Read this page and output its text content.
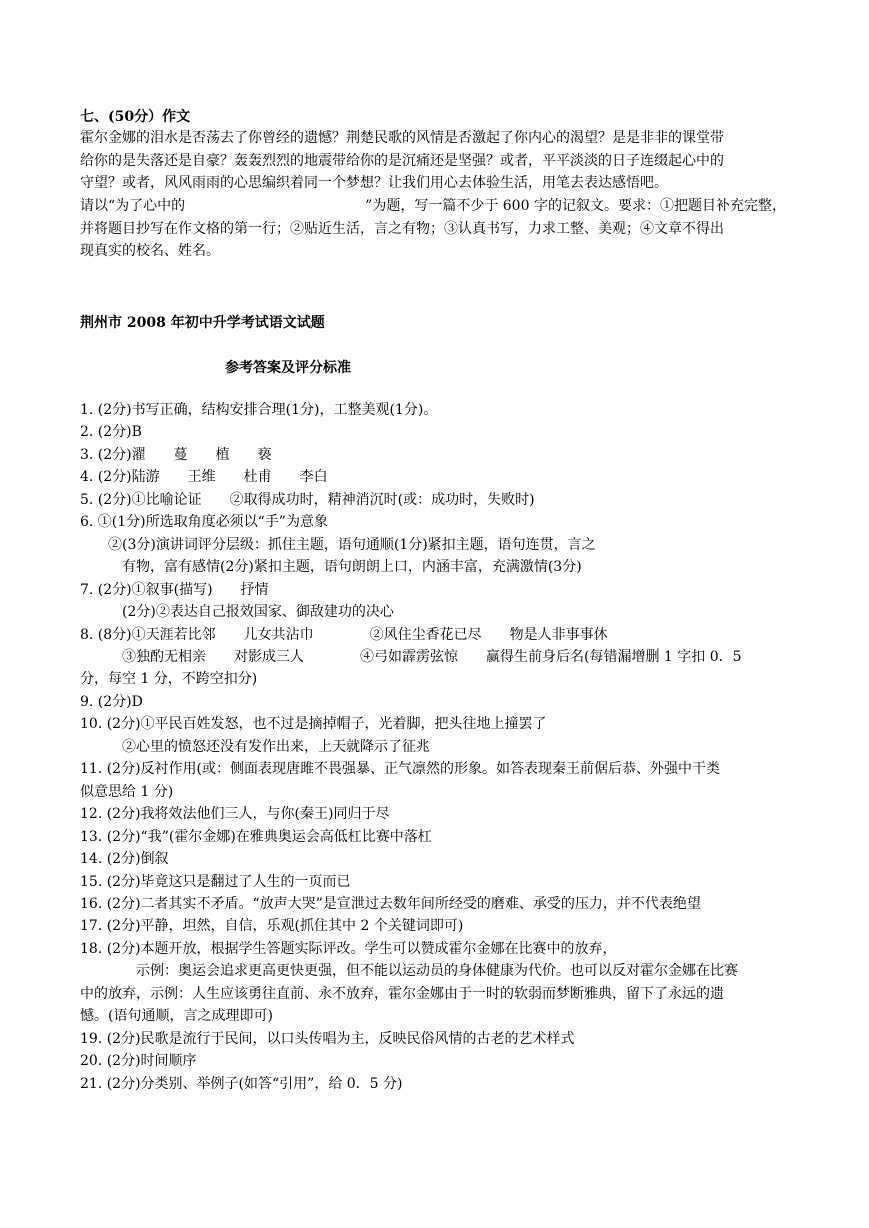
七、(50分）作文
霍尔金娜的泪水是否荡去了你曾经的遗憾？荆楚民歌的风情是否激起了你内心的渴望？是是非非的课堂带
给你的是失落还是自豪？轰轰烈烈的地震带给你的是沉痛还是坚强？或者，平平淡淡的日子连缀起心中的
守望？或者，风风雨雨的心思编织着同一个梦想？让我们用心去体验生活，用笔去表达感悟吧。
请以“为了心中的	”为题，写一篇不少于 600 字的记叙文。要求：①把题目补充完整，
并将题目抄写在作文格的第一行；②贴近生活，言之有物；③认真书写，力求工整、美观；④文章不得出
现真实的校名、姓名。
荆州市 2008 年初中升学考试语文试题
参考答案及评分标准
1. (2分)书写正确，结构安排合理(1分)，工整美观(1分)。
2. (2分)B
3. (2分)濯　　蔓　　植　　亵
4. (2分)陆游　　王维　　杜甫　　李白
5. (2分)①比喻论证　　②取得成功时，精神消沉时(或：成功时，失败时)
6. ①(1分)所选取角度必须以“手”为意象
　　②(3分)演讲词评分层级：抓住主题，语句通顺(1分)紧扣主题，语句连贯，言之
　　　有物，富有感情(2分)紧扣主题，语句朗朗上口，内涵丰富，充满激情(3分)
7. (2分)①叙事(描写)　　抒情
　　　(2分)②表达自己报效国家、御敌建功的决心
8. (8分)①天涯若比邻　　儿女共沾巾　　　　②风住尘香花已尽　　物是人非事事休
　　　③独酌无相亲　　对影成三人　　　　④弓如霹雳弦惊　　赢得生前身后名(每错漏增删 1 字扣 0．5
分，每空 1 分，不跨空扣分)
9. (2分)D
10. (2分)①平民百姓发怒，也不过是摘掉帽子，光着脚，把头往地上撞罢了
　　　②心里的愤怒还没有发作出来，上天就降示了征兆
11. (2分)反衬作用(或：侧面表现唐雎不畏强暴、正气凛然的形象。如答表现秦王前倨后恭、外强中干类
似意思给 1 分)
12. (2分)我将效法他们三人，与你(秦王)同归于尽
13. (2分)“我”(霍尔金娜)在雅典奥运会高低杠比赛中落杠
14. (2分)倒叙
15. (2分)毕竟这只是翻过了人生的一页而已
16. (2分)二者其实不矛盾。“放声大哭”是宣泄过去数年间所经受的磨难、承受的压力，并不代表绝望
17. (2分)平静，坦然，自信，乐观(抓住其中 2 个关键词即可)
18. (2分)本题开放，根据学生答题实际评改。学生可以赞成霍尔金娜在比赛中的放弃，
　　　　示例：奥运会追求更高更快更强，但不能以运动员的身体健康为代价。也可以反对霍尔金娜在比赛
中的放弃，示例：人生应该勇往直前、永不放弃，霍尔金娜由于一时的软弱而梦断雅典，留下了永远的遗
憾。(语句通顺，言之成理即可)
19. (2分)民歌是流行于民间，以口头传唱为主，反映民俗风情的古老的艺术样式
20. (2分)时间顺序
21. (2分)分类别、举例子(如答“引用”，给 0．5 分)
